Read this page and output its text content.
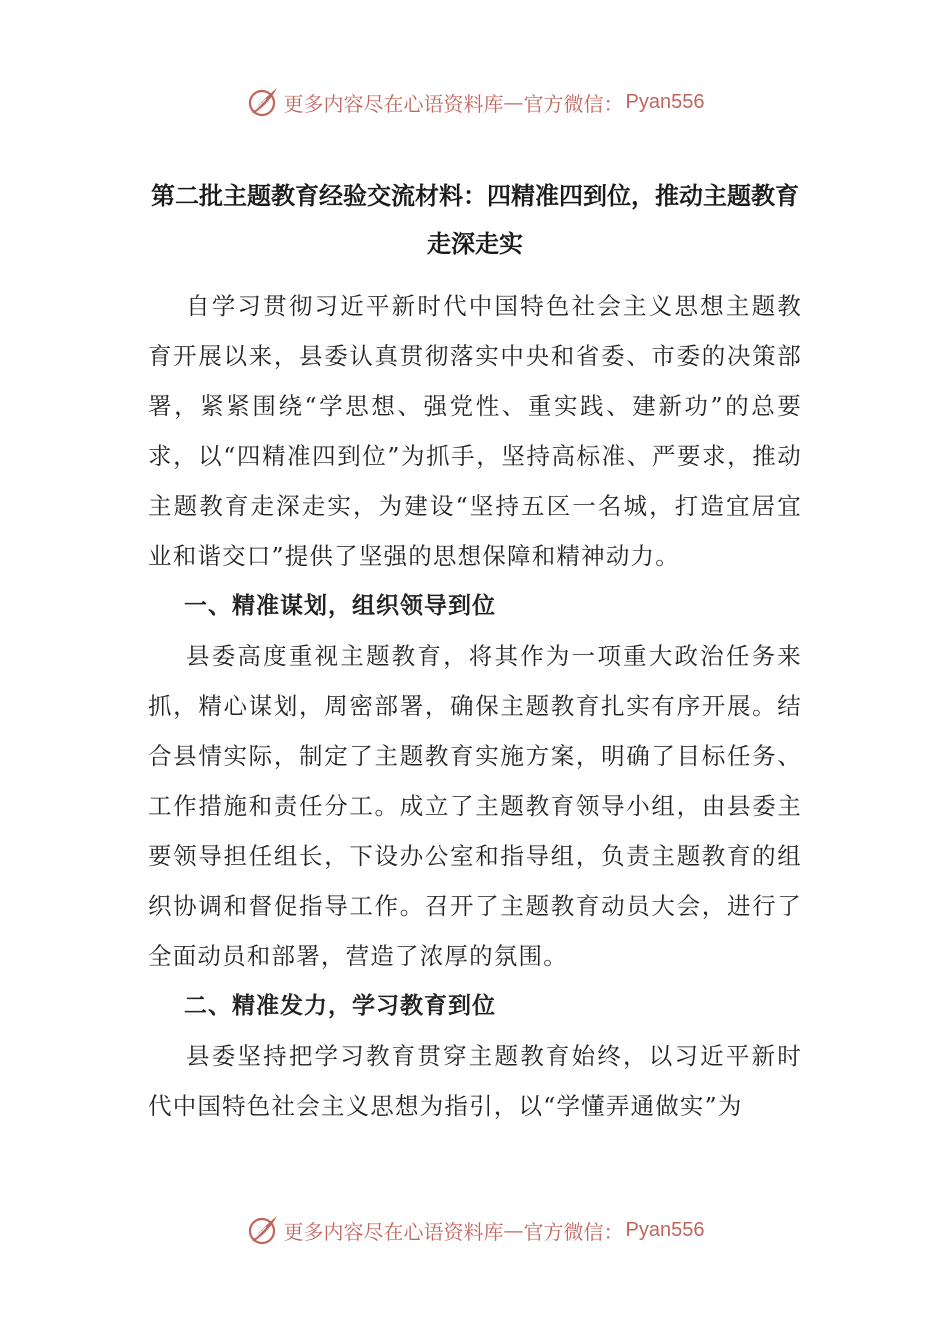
更多内容尽在心语资料库 — 官方微信： Pyan556
第二批主题教育经验交流材料：四精准四到位，推动主题教育走深走实

自学习贯彻习近平新时代中国特色社会主义思想主题教育开展以来，县委认真贯彻落实中央和省委、市委的决策部署，紧紧围绕“学思想、强党性、重实践、建新功”的总要求，以“四精准四到位”为抓手，坚持高标准、严要求，推动主题教育走深走实，为建设“坚持五区一名城，打造宜居宜业和谐交口”提供了坚强的思想保障和精神动力。

一、精准谋划，组织领导到位

县委高度重视主题教育，将其作为一项重大政治任务来抓，精心谋划，周密部署，确保主题教育扎实有序开展。结合县情实际，制定了主题教育实施方案，明确了目标任务、工作措施和责任分工。成立了主题教育领导小组，由县委主要领导担任组长，下设办公室和指导组，负责主题教育的组织协调和督促指导工作。召开了主题教育动员大会，进行了全面动员和部署，营造了浓厚的氛围。

二、精准发力，学习教育到位

县委坚持把学习教育贯穿主题教育始终，以习近平新时代中国特色社会主义思想为指引，以“学懂弄通做实”为

更多内容尽在心语资料库 — 官方微信： Pyan556
